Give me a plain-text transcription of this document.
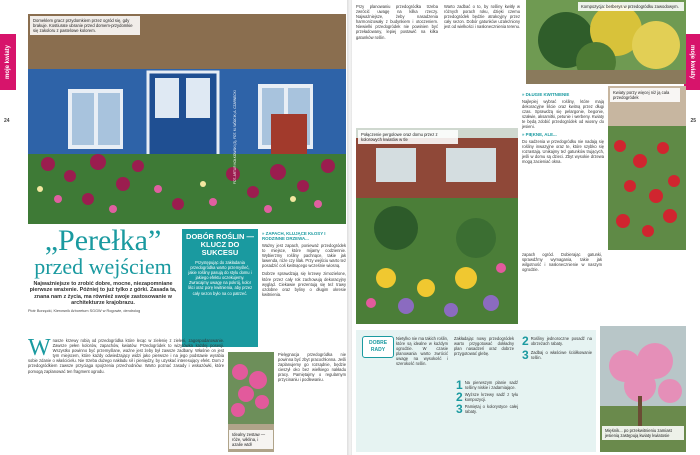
moje kwiaty
24
Domeklem gracz przydomkiem przez ogród się, gdy brakuje. Kostiurate ubranie przed domem-przydomkie się zakoloru z pastelowe kolorem.
FOT. ARTUR KOŁKOWSKI (2), FOT. M. WÓJCIK; A. CZARNECKI
„Perełka”
przed wejściem
Najważniejsze to zrobić dobre, mocne, niezapomniane pierwsze wrażenie. Później to już tylko z górki. Zasada ta, znana nam z życia, ma również swoje zastosowanie w architekturze krajobrazu.
Piotr Borzęcki, Kierownik Arboretum SGGW w Rogowie, dendrolog
DOBÓR ROŚLIN — KLUCZ DO SUKCESU
Przystępując do zakładania przedogródka warto przemyśleć, jakie rośliny pasują do stylu domu i jakiego efektu oczekujemy. Zwracajmy uwagę na pokrój, kolor liści oraz porę kwitnienia, aby przez cały sezon było na co patrzeć.
» ZAPACH, KLUJĄCE KŁOSY I RODZINNE DRZEWA...
Ważny jest zapach, ponieważ przedogródek to miejsce, które mijamy codziennie. Wybierzmy rośliny pachnące, takie jak lawenda, róże czy lilak. Przy wejściu warto też posadzić coś kwitnącego wcześnie wiosną.
Dobrze sprawdzają się krzewy zimozielone, które przez cały rok zachowują dekoracyjny wygląd. Ciekawie prezentują się też trawy ozdobne oraz byliny o długim okresie kwitnienia.
W nasze krzewy robią od przedogródka które lecąc w zielenię z zieleni, zagospodarowanie. Zawsze pełen kolorów, zapachów, kwiatów. Przedogródek to wizytówka każdej posesji. Wszystko powinno być przemyślane, ważne jest żeby był zawsze zadbany. Właśnie on jest tym miejscem, które każdy odwiedzający widzi jako pierwsze i na jego podstawie wyrabia sobie zdanie o właścicielu. Nie trzeba dużego nakładu sił i pieniędzy, by uzyskać interesujący efekt. Dom z przedogródkiem zawsze przyciąga spojrzenia przechodniów. Warto poznać zasady i wskazówki, które pomogą zaplanować ten fragment ogrodu.
Idealny zestaw — róże, wiklina, i azalie wtdł
Pielęgnacja przedogródka nie powinna być zbyt pracochłonna. Jeśli zaplanujemy go rozsądnie, będzie cieszył oko bez wielkiego nakładu pracy. Pamiętajmy o regularnym przycinaniu i podlewaniu.
moje kwiaty
25
Przy planowaniu przedogródka trzeba zwrócić uwagę na kilka rzeczy. Najważniejsze, żeby nasadzenia harmonizowały z budynkiem i otoczeniem. Niewielki przedogródek nie powinien być przeładowany, lepiej postawić na kilka gatunków roślin.
Warto zadbać o to, by rośliny kwitły w różnych porach roku, dzięki czemu przedogródek będzie atrakcyjny przez cały sezon. Dobór gatunków uzależniony jest od wielkości i nasłonecznienia terenu.
Kompozycja: berberys w przedogródku zawodowym.
Połączenie pergolowe oraz domu przez z kolorowych kwiatów w tle
» DŁUGIE KWITNIENIE
Najlepiej wybrać rośliny, które mają dekoracyjne liście oraz kwitną przez długi czas. Sprawdzą się pelargonie, begonie, szałwie, aksamitki, petunie i werbeny. Kwiaty te będą zdobić przedogródek od wiosny do jesieni.
» PIĘKNE, ALE...
Do sadzenia w przedogródku nie nadają się rośliny inwazyjne oraz te, które szybko się rozrastają. Unikajmy też gatunków trujących, jeśli w domu są dzieci. Zbyt wysokie drzewa mogą zacieniać okna.
Kwiaty porzy więcej niż ją cala przedogródek
DOBRE RADY
Nietylko nie ma takich roślin, które są idealne w każdym ogrodzie. W czasie planowania warto zwrócić uwagę na wysokość i szerokość roślin.
Zakładając nowy przedogródek warto przygotować dokładny plan nasadzeń oraz dobrze przygotować glebę.
1 Na pierwszym planie sadź rośliny niskie i zadarniające.
2 Wyższe krzewy sadź z tyłu kompozycji.
3 Pamiętaj o kolorystyce całej rabaty.
2 Rośliny jednoroczne posadź na obrzeżach rabaty.
3 Zadbaj o właściwe ściółkowanie roślin.
Mięśnik... po przekwitnieniu zamiast jesienią zastępują kwiaty kwiatosie
zapach ogród. Dobierając gatunki, sprawdźmy wymagania, takie jak wilgotność i nasłonecznienie w naszym ogrodzie.
